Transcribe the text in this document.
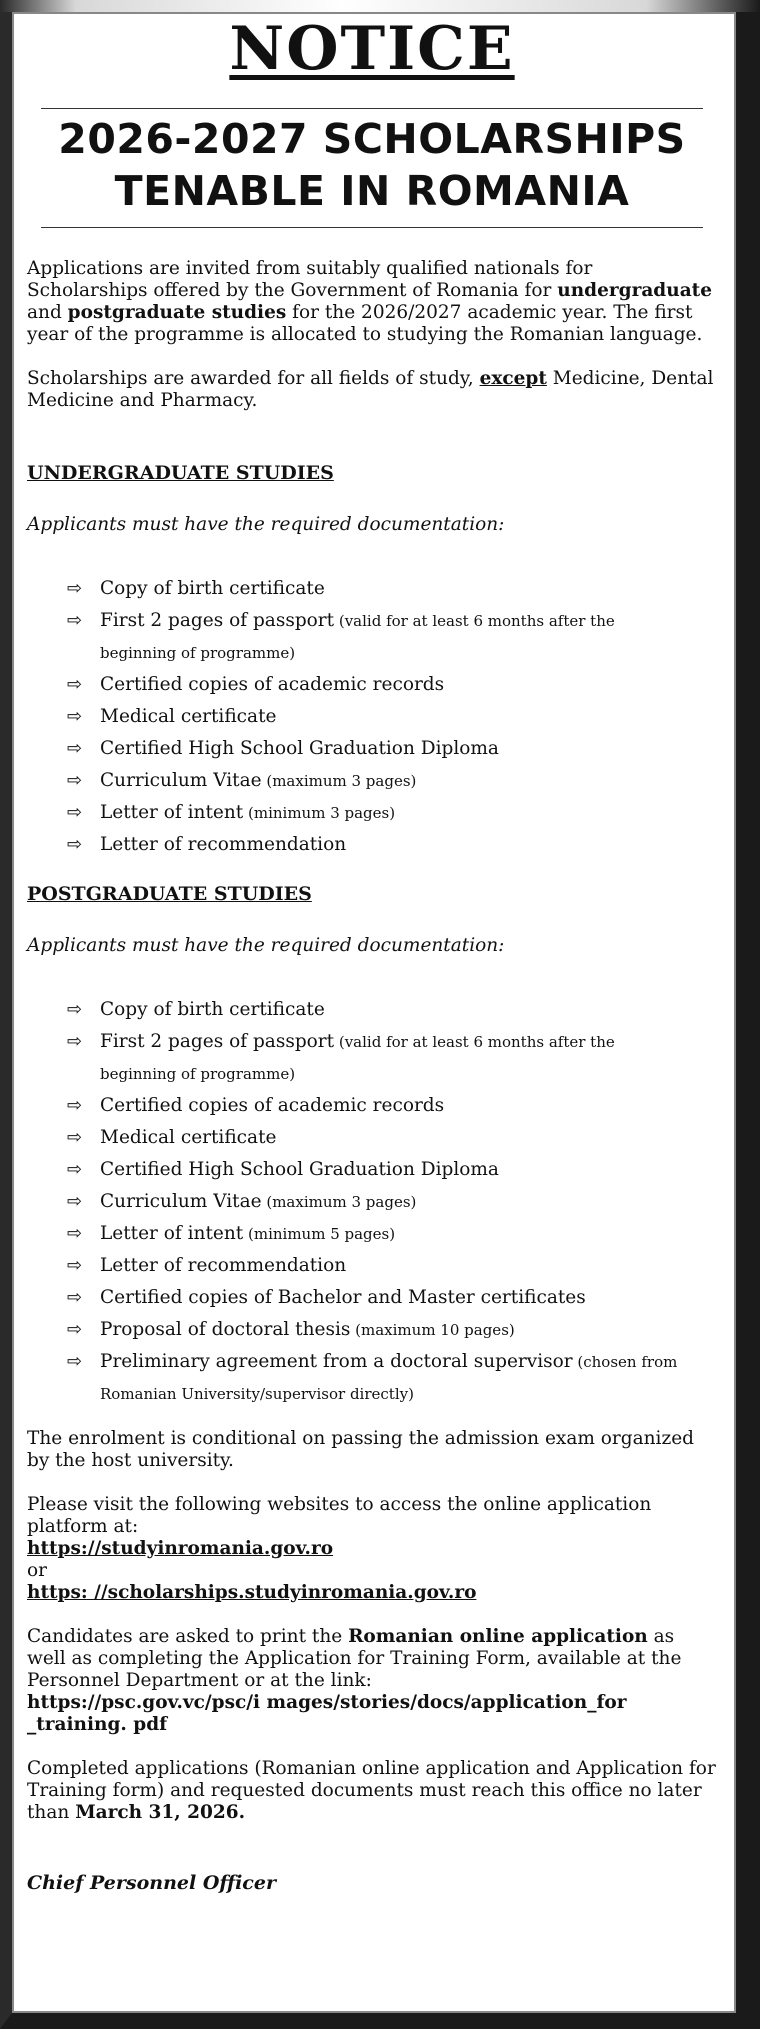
NOTICE
2026-2027 SCHOLARSHIPS
TENABLE IN ROMANIA

Applications are invited from suitably qualified nationals for Scholarships offered by the Government of Romania for undergraduate and postgraduate studies for the 2026/2027 academic year. The first year of the programme is allocated to studying the Romanian language.

Scholarships are awarded for all fields of study, except Medicine, Dental Medicine and Pharmacy.

UNDERGRADUATE STUDIES
Applicants must have the required documentation:
⇨ Copy of birth certificate
⇨ First 2 pages of passport (valid for at least 6 months after the
beginning of programme)
⇨ Certified copies of academic records
⇨ Medical certificate
⇨ Certified High School Graduation Diploma
⇨ Curriculum Vitae (maximum 3 pages)
⇨ Letter of intent (minimum 3 pages)
⇨ Letter of recommendation
POSTGRADUATE STUDIES
Applicants must have the required documentation:
⇨ Copy of birth certificate
⇨ First 2 pages of passport (valid for at least 6 months after the
beginning of programme)
⇨ Certified copies of academic records
⇨ Medical certificate
⇨ Certified High School Graduation Diploma
⇨ Curriculum Vitae (maximum 3 pages)
⇨ Letter of intent (minimum 5 pages)
⇨ Letter of recommendation
⇨ Certified copies of Bachelor and Master certificates
⇨ Proposal of doctoral thesis (maximum 10 pages)
⇨ Preliminary agreement from a doctoral supervisor (chosen from
Romanian University/supervisor directly)

The enrolment is conditional on passing the admission exam organized by the host university.

Please visit the following websites to access the online application platform at:
https://studyinromania.gov.ro
or
https: //scholarships.studyinromania.gov.ro

Candidates are asked to print the Romanian online application as well as completing the Application for Training Form, available at the Personnel Department or at the link:
https://psc.gov.vc/psc/i mages/stories/docs/application_for _training. pdf

Completed applications (Romanian online application and Application for Training form) and requested documents must reach this office no later than March 31, 2026.

Chief Personnel Officer
